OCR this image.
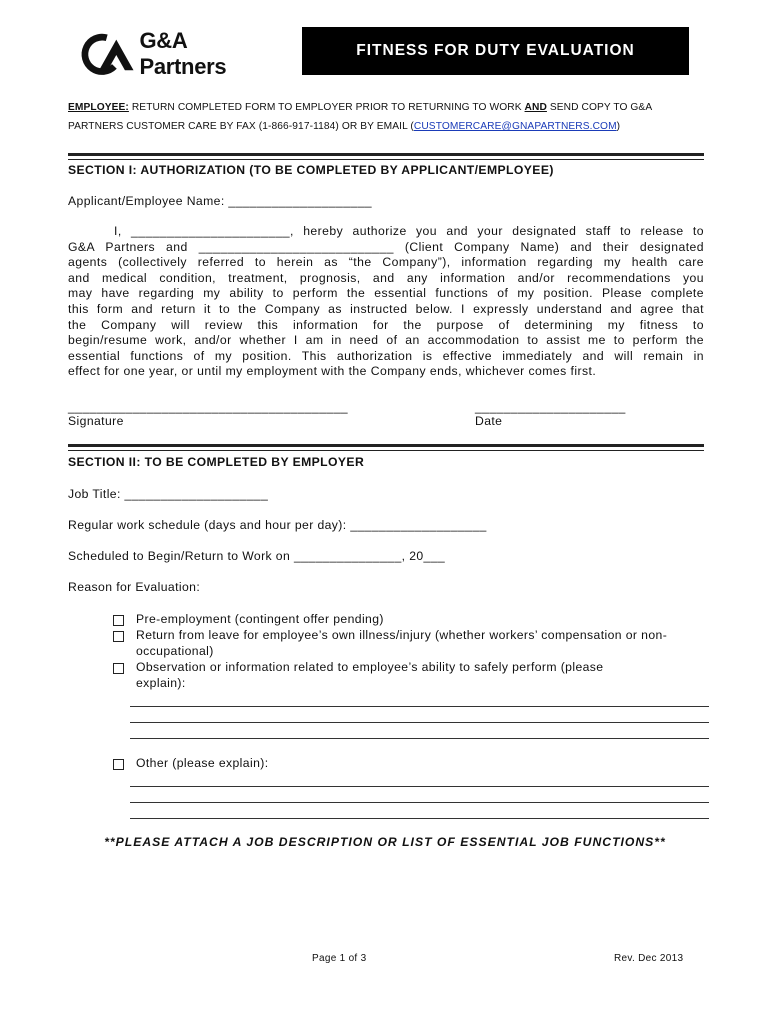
G&A Partners
FITNESS FOR DUTY EVALUATION
EMPLOYEE: RETURN COMPLETED FORM TO EMPLOYER PRIOR TO RETURNING TO WORK AND SEND COPY TO G&A
PARTNERS CUSTOMER CARE BY FAX (1-866-917-1184) OR BY EMAIL (CUSTOMERCARE@GNAPARTNERS.COM)
SECTION I: AUTHORIZATION (TO BE COMPLETED BY APPLICANT/EMPLOYEE)
Applicant/Employee Name: ____________________
I, ______________________, hereby authorize you and your designated staff to release to
G&A Partners and ___________________________ (Client Company Name) and their designated
agents (collectively referred to herein as “the Company”), information regarding my health care
and medical condition, treatment, prognosis, and any information and/or recommendations you
may have regarding my ability to perform the essential functions of my position. Please complete
this form and return it to the Company as instructed below. I expressly understand and agree that
the Company will review this information for the purpose of determining my fitness to
begin/resume work, and/or whether I am in need of an accommodation to assist me to perform the
essential functions of my position. This authorization is effective immediately and will remain in
effect for one year, or until my employment with the Company ends, whichever comes first.
_______________________________________	_____________________
Signature	Date
SECTION II: TO BE COMPLETED BY EMPLOYER
Job Title: ____________________
Regular work schedule (days and hour per day): ___________________
Scheduled to Begin/Return to Work on _______________, 20___
Reason for Evaluation:
Pre-employment (contingent offer pending)
Return from leave for employee’s own illness/injury (whether workers’ compensation or non-occupational)
Observation or information related to employee’s ability to safely perform (please explain):
Other (please explain):
**PLEASE ATTACH A JOB DESCRIPTION OR LIST OF ESSENTIAL JOB FUNCTIONS**
Page 1 of 3	Rev. Dec 2013
